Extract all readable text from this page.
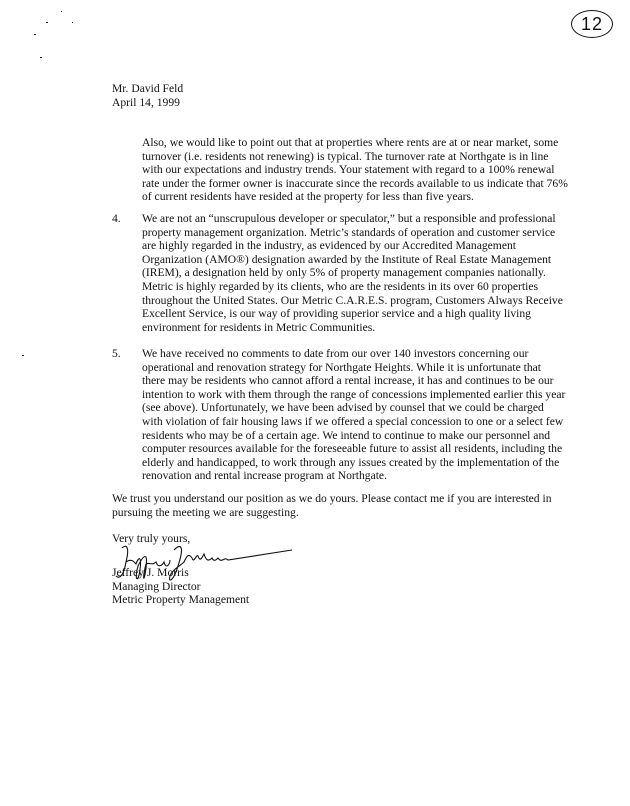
12
Mr. David Feld
April 14, 1999
Also, we would like to point out that at properties where rents are at or near market, some
turnover (i.e. residents not renewing) is typical. The turnover rate at Northgate is in line
with our expectations and industry trends. Your statement with regard to a 100% renewal
rate under the former owner is inaccurate since the records available to us indicate that 76%
of current residents have resided at the property for less than five years.
4. We are not an “unscrupulous developer or speculator,” but a responsible and professional
property management organization. Metric’s standards of operation and customer service
are highly regarded in the industry, as evidenced by our Accredited Management
Organization (AMO®) designation awarded by the Institute of Real Estate Management
(IREM), a designation held by only 5% of property management companies nationally.
Metric is highly regarded by its clients, who are the residents in its over 60 properties
throughout the United States. Our Metric C.A.R.E.S. program, Customers Always Receive
Excellent Service, is our way of providing superior service and a high quality living
environment for residents in Metric Communities.
5. We have received no comments to date from our over 140 investors concerning our
operational and renovation strategy for Northgate Heights. While it is unfortunate that
there may be residents who cannot afford a rental increase, it has and continues to be our
intention to work with them through the range of concessions implemented earlier this year
(see above). Unfortunately, we have been advised by counsel that we could be charged
with violation of fair housing laws if we offered a special concession to one or a select few
residents who may be of a certain age. We intend to continue to make our personnel and
computer resources available for the foreseeable future to assist all residents, including the
elderly and handicapped, to work through any issues created by the implementation of the
renovation and rental increase program at Northgate.
We trust you understand our position as we do yours. Please contact me if you are interested in
pursuing the meeting we are suggesting.
Very truly yours,
Jeffrey J. Morris
Managing Director
Metric Property Management
